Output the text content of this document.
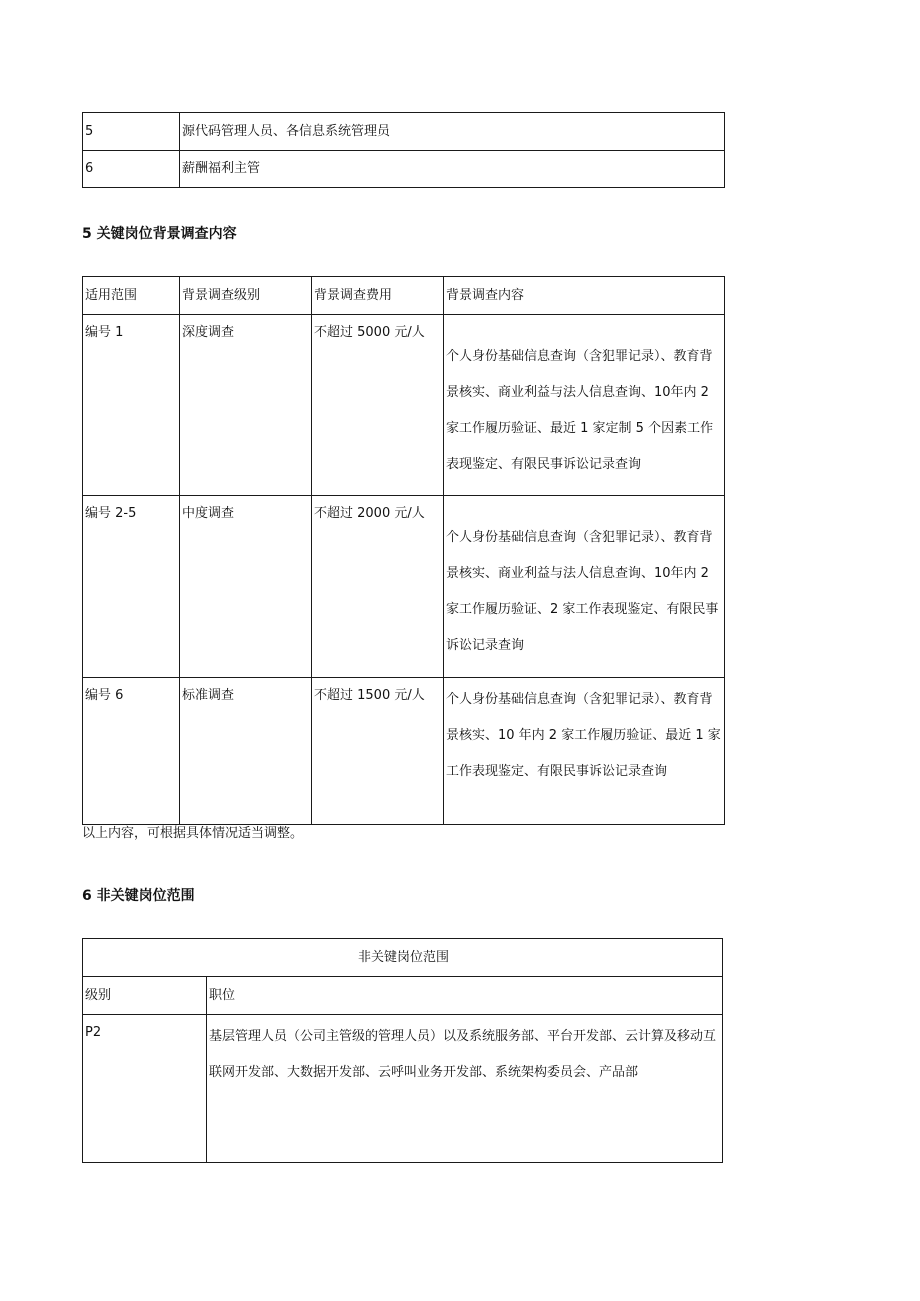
5	源代码管理人员、各信息系统管理员
6	薪酬福利主管
5 关键岗位背景调查内容
适用范围	背景调查级别	背景调查费用	背景调查内容
编号 1	深度调查	不超过 5000 元/人	个人身份基础信息查询（含犯罪记录）、教育背景核实、商业利益与法人信息查询、10年内 2 家工作履历验证、最近 1 家定制 5 个因素工作表现鉴定、有限民事诉讼记录查询

编号 2-5	中度调查	不超过 2000 元/人	个人身份基础信息查询（含犯罪记录）、教育背景核实、商业利益与法人信息查询、10年内 2 家工作履历验证、2 家工作表现鉴定、有限民事诉讼记录查询

编号 6	标准调查	不超过 1500 元/人	个人身份基础信息查询（含犯罪记录）、教育背景核实、10 年内 2 家工作履历验证、最近 1 家工作表现鉴定、有限民事诉讼记录查询
以上内容，可根据具体情况适当调整。
6 非关键岗位范围
非关键岗位范围	
级别	职位
P2	基层管理人员（公司主管级的管理人员）以及系统服务部、平台开发部、云计算及移动互联网开发部、大数据开发部、云呼叫业务开发部、系统架构委员会、产品部
